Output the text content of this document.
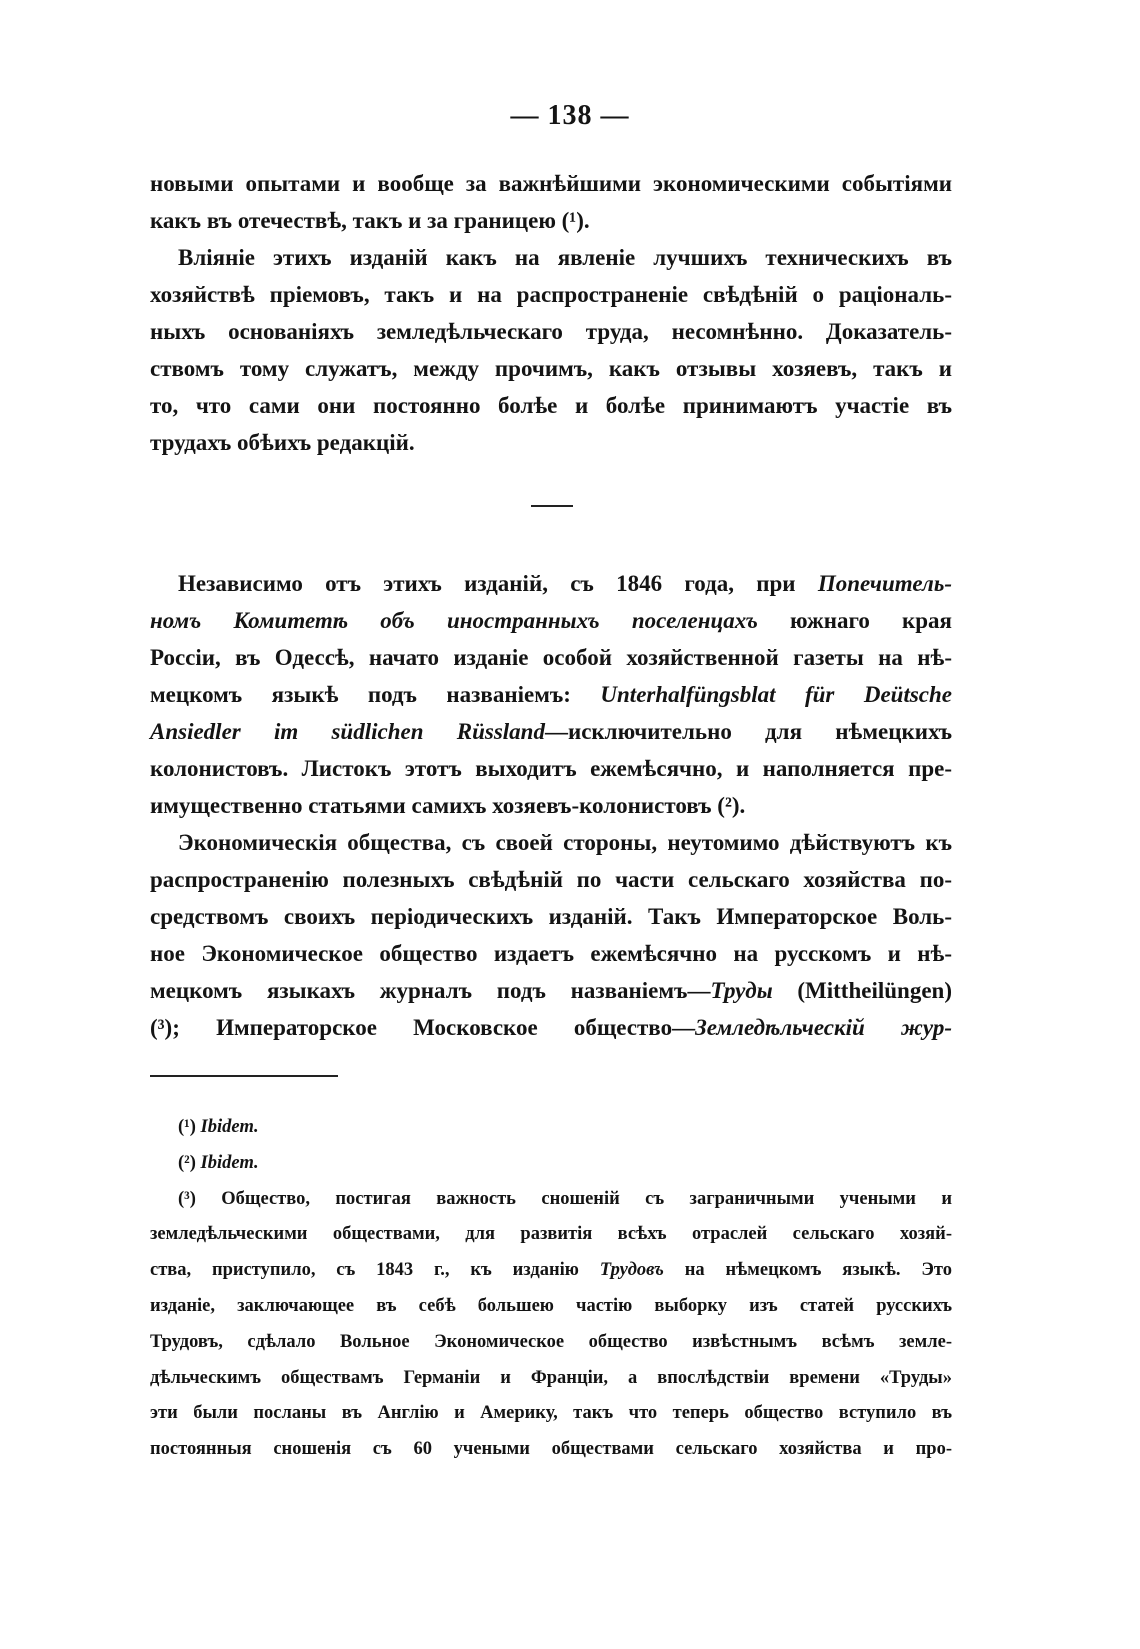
— 138 —
новыми опытами и вообще за важнѣйшими экономическими событіями
какъ въ отечествѣ, такъ и за границею (¹).
Вліяніе этихъ изданій какъ на явленіе лучшихъ техническихъ въ
хозяйствѣ пріемовъ, такъ и на распространеніе свѣдѣній о раціональ-
ныхъ основаніяхъ земледѣльческаго труда, несомнѣнно. Доказатель-
ствомъ тому служатъ, между прочимъ, какъ отзывы хозяевъ, такъ и
то, что сами они постоянно болѣе и болѣе принимаютъ участіе въ
трудахъ обѣихъ редакцій.
Независимо отъ этихъ изданій, съ 1846 года, при Попечитель-
номъ Комитетѣ объ иностранныхъ поселенцахъ южнаго края
Россіи, въ Одессѣ, начато изданіе особой хозяйственной газеты на нѣ-
мецкомъ языкѣ подъ названіемъ: Unterhalfüngsblat für Deütsche
Ansiedler im südlichen Rüssland—исключительно для нѣмецкихъ
колонистовъ. Листокъ этотъ выходитъ ежемѣсячно, и наполняется пре-
имущественно статьями самихъ хозяевъ-колонистовъ (²).
Экономическія общества, съ своей стороны, неутомимо дѣйствуютъ къ
распространенію полезныхъ свѣдѣній по части сельскаго хозяйства по-
средствомъ своихъ періодическихъ изданій. Такъ Императорское Воль-
ное Экономическое общество издаетъ ежемѣсячно на русскомъ и нѣ-
мецкомъ языкахъ журналъ подъ названіемъ—Труды (Mittheilüngen)
(³); Императорское Московское общество—Земледѣльческій жур-
(¹) Ibidem.
(²) Ibidem.
(³) Общество, постигая важность сношеній съ заграничными учеными и
земледѣльческими обществами, для развитія всѣхъ отраслей сельскаго хозяй-
ства, приступило, съ 1843 г., къ изданію Трудовъ на нѣмецкомъ языкѣ. Это
изданіе, заключающее въ себѣ большею частію выборку изъ статей русскихъ
Трудовъ, сдѣлало Вольное Экономическое общество извѣстнымъ всѣмъ земле-
дѣльческимъ обществамъ Германіи и Франціи, а впослѣдствіи времени «Труды»
эти были посланы въ Англію и Америку, такъ что теперь общество вступило въ
постоянныя сношенія съ 60 учеными обществами сельскаго хозяйства и про-
